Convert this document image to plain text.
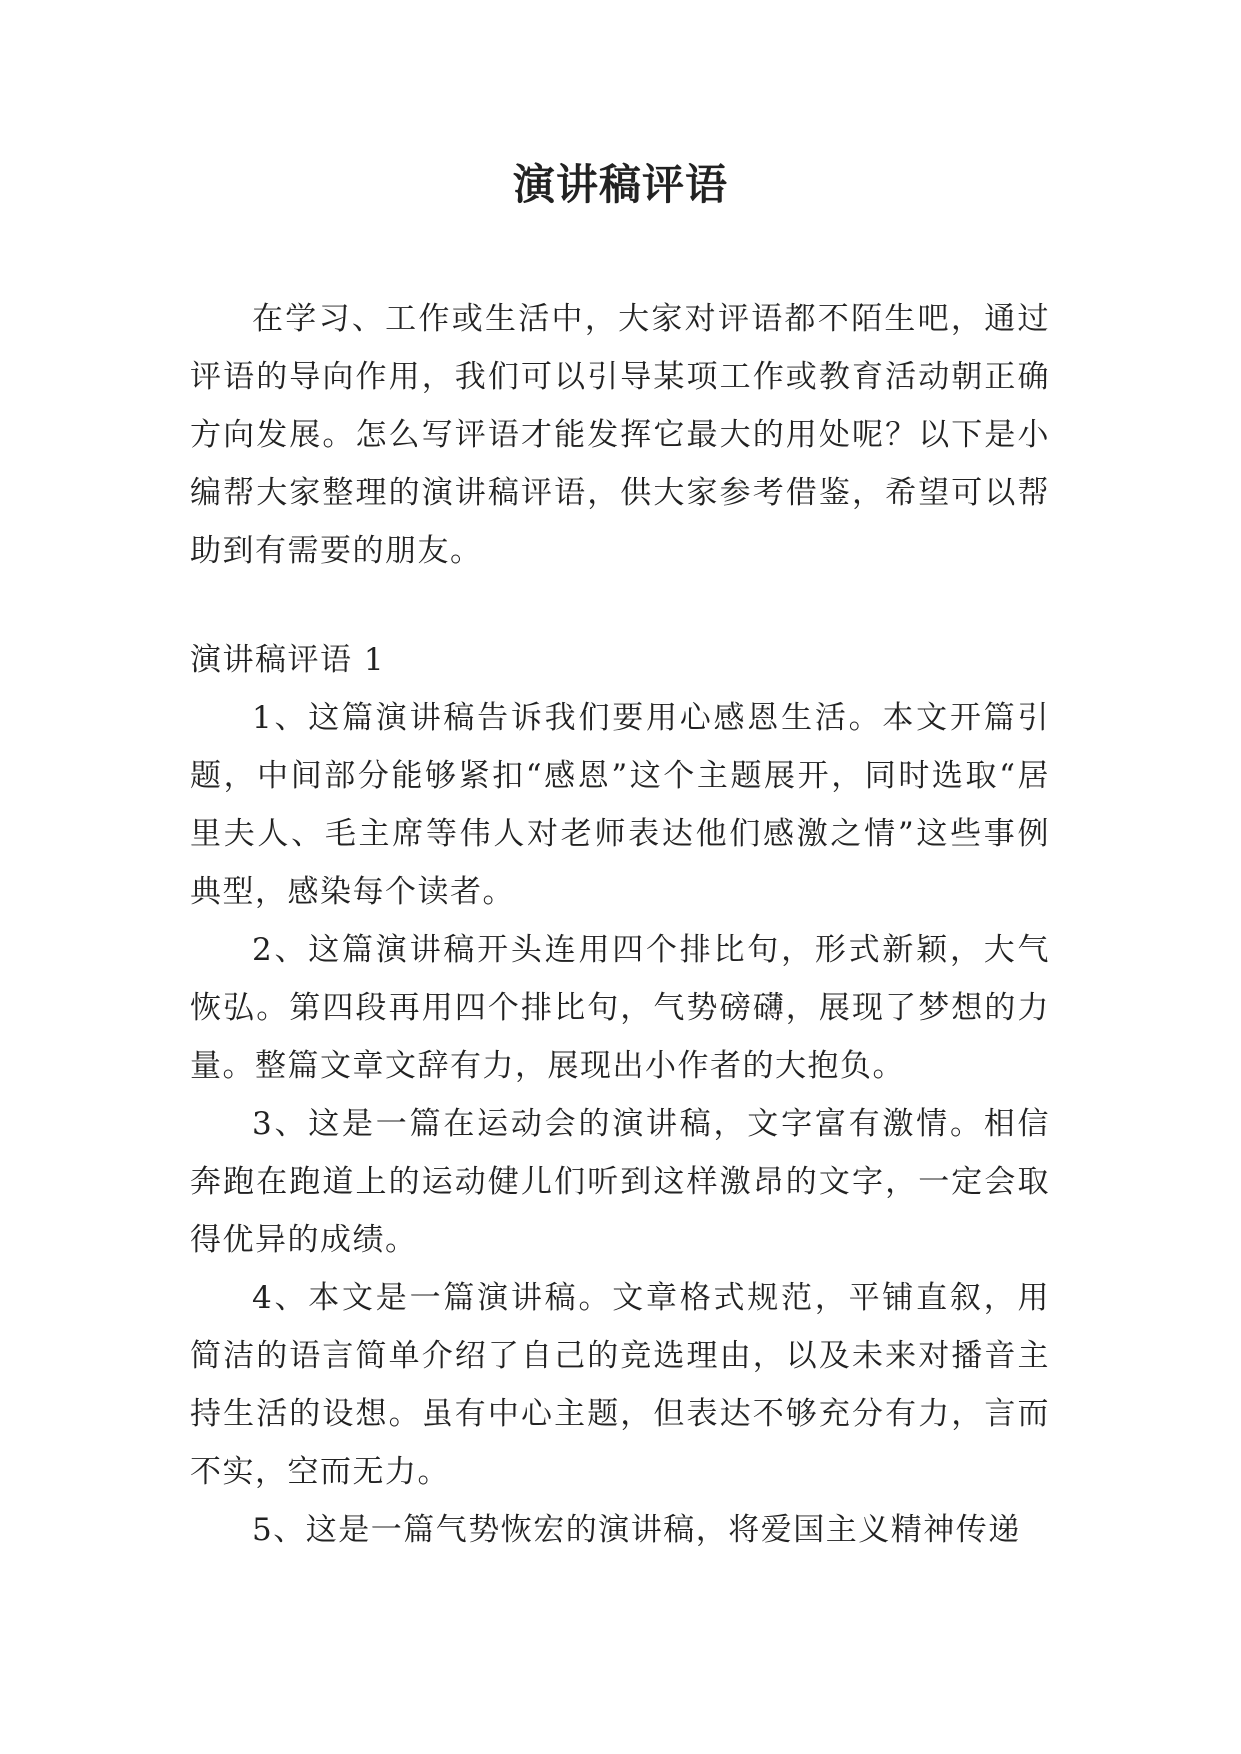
演讲稿评语

在学习、工作或生活中，大家对评语都不陌生吧，通过评语的导向作用，我们可以引导某项工作或教育活动朝正确方向发展。怎么写评语才能发挥它最大的用处呢？以下是小编帮大家整理的演讲稿评语，供大家参考借鉴，希望可以帮助到有需要的朋友。

演讲稿评语 1

1、这篇演讲稿告诉我们要用心感恩生活。本文开篇引题，中间部分能够紧扣“感恩”这个主题展开，同时选取“居里夫人、毛主席等伟人对老师表达他们感激之情”这些事例典型，感染每个读者。

2、这篇演讲稿开头连用四个排比句，形式新颖，大气恢弘。第四段再用四个排比句，气势磅礴，展现了梦想的力量。整篇文章文辞有力，展现出小作者的大抱负。

3、这是一篇在运动会的演讲稿，文字富有激情。相信奔跑在跑道上的运动健儿们听到这样激昂的文字，一定会取得优异的成绩。

4、本文是一篇演讲稿。文章格式规范，平铺直叙，用简洁的语言简单介绍了自己的竞选理由，以及未来对播音主持生活的设想。虽有中心主题，但表达不够充分有力，言而不实，空而无力。

5、这是一篇气势恢宏的演讲稿，将爱国主义精神传递
